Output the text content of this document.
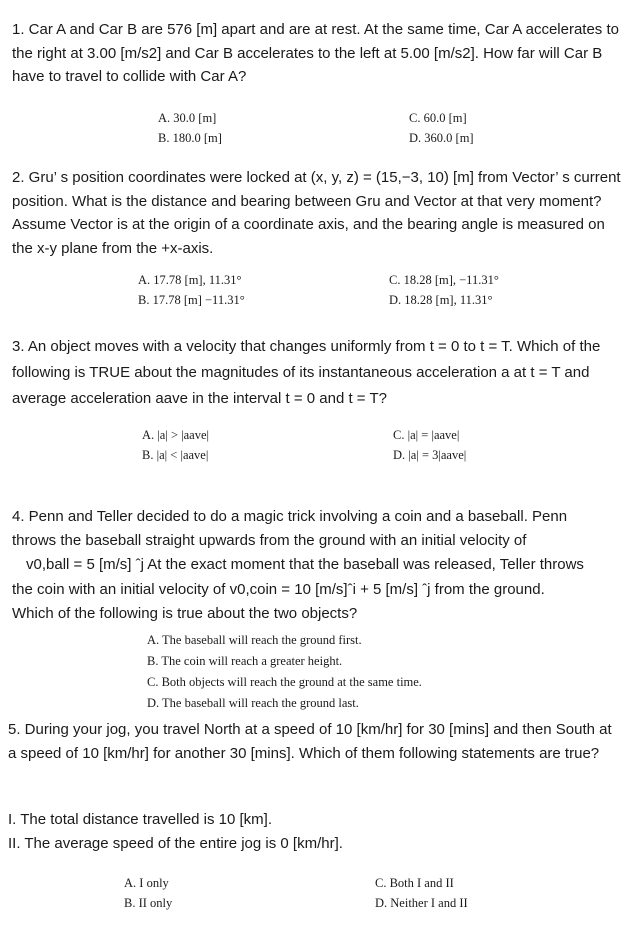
1. Car A and Car B are 576 [m] apart and are at rest. At the same time, Car A accelerates to the right at 3.00 [m/s2] and Car B accelerates to the left at 5.00 [m/s2]. How far will Car B have to travel to collide with Car A?

A. 30.0 [m]
B. 180.0 [m]
C. 60.0 [m]
D. 360.0 [m]

2. Gru’ s position coordinates were locked at (x, y, z) = (15,−3, 10) [m] from Vector’ s current position. What is the distance and bearing between Gru and Vector at that very moment? Assume Vector is at the origin of a coordinate axis, and the bearing angle is measured on the x-y plane from the +x-axis.

A. 17.78 [m], 11.31°
B. 17.78 [m] −11.31°
C. 18.28 [m], −11.31°
D. 18.28 [m], 11.31°

3. An object moves with a velocity that changes uniformly from t = 0 to t = T. Which of the following is TRUE about the magnitudes of its instantaneous acceleration a at t = T and average acceleration aave in the interval t = 0 and t = T?

A. |a| > |aave|
B. |a| < |aave|
C. |a| = |aave|
D. |a| = 3|aave|
4. Penn and Teller decided to do a magic trick involving a coin and a baseball. Penn
throws the baseball straight upwards from the ground with an initial velocity of
v0,ball = 5 [m/s] ˆj At the exact moment that the baseball was released, Teller throws
the coin with an initial velocity of v0,coin = 10 [m/s]ˆi + 5 [m/s] ˆj from the ground.
Which of the following is true about the two objects?
A. The baseball will reach the ground first.
B. The coin will reach a greater height.
C. Both objects will reach the ground at the same time.
D. The baseball will reach the ground last.

5. During your jog, you travel North at a speed of 10 [km/hr] for 30 [mins] and then South at a speed of 10 [km/hr] for another 30 [mins]. Which of them following statements are true?

I. The total distance travelled is 10 [km].
II. The average speed of the entire jog is 0 [km/hr].
A. I only
B. II only
C. Both I and II
D. Neither I and II
